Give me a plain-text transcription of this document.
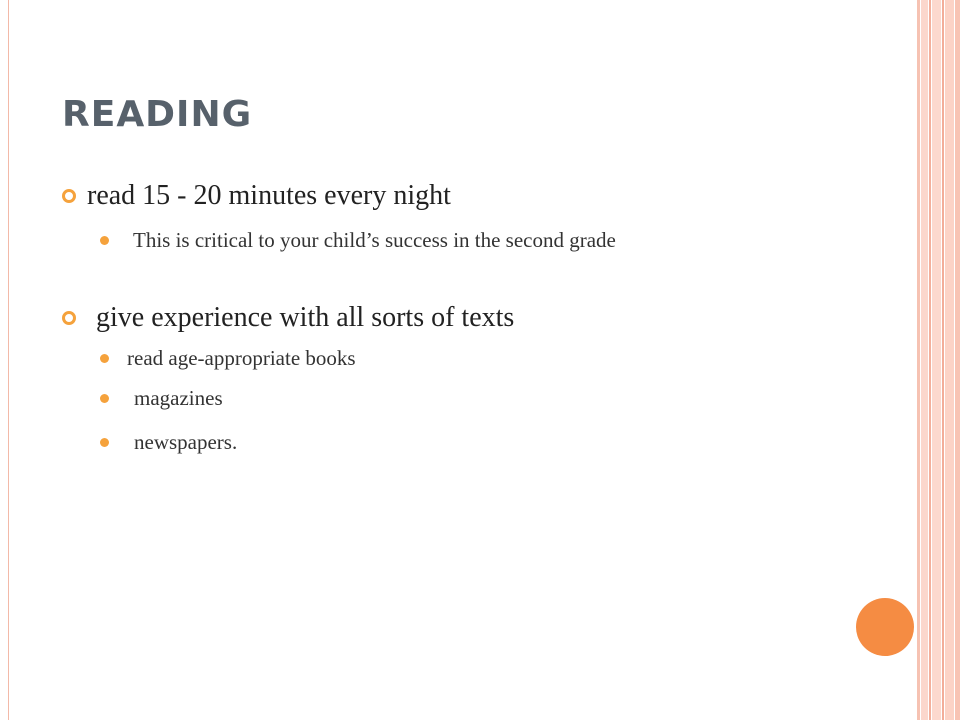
READING
read 15 - 20 minutes every night
This is critical to your child’s success in the second grade
give experience with all sorts of texts
read age-appropriate books
magazines
newspapers.
